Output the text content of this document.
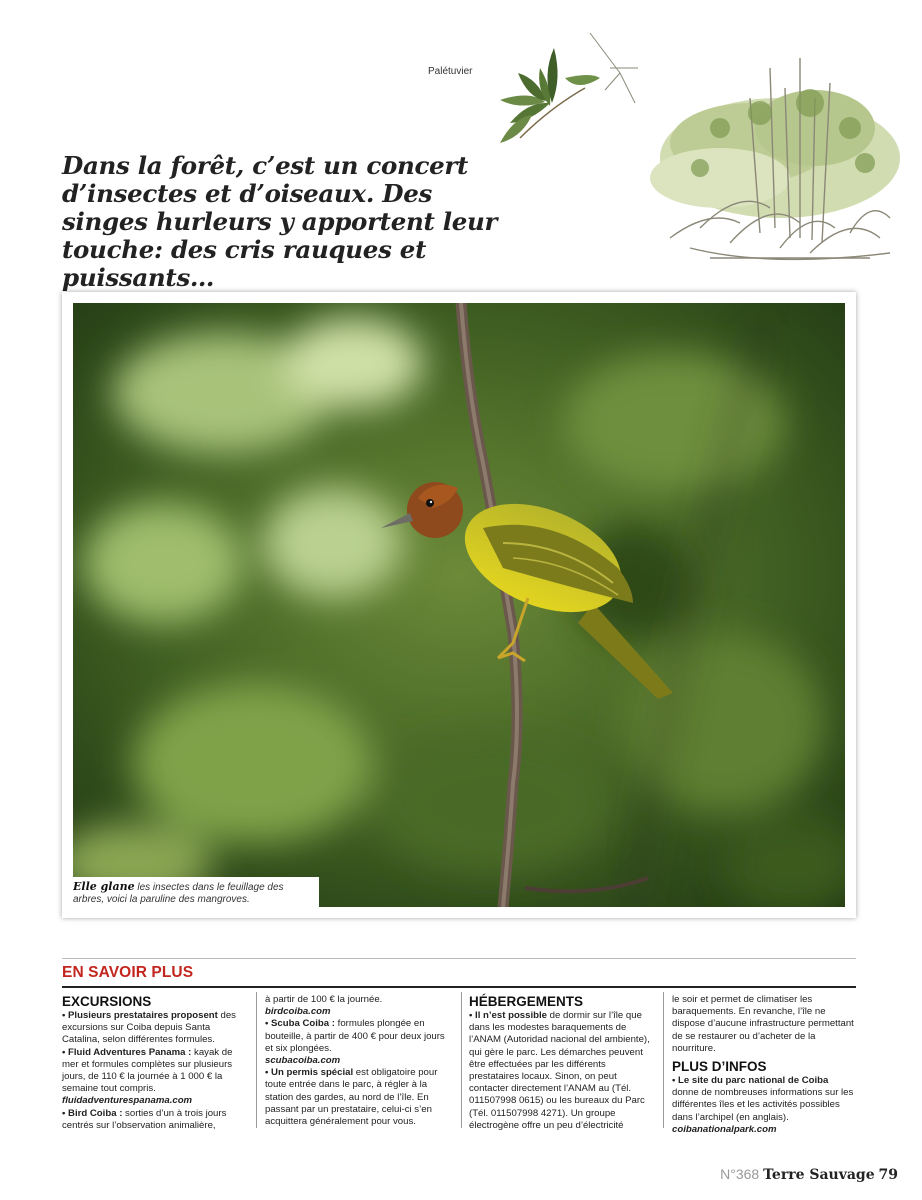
Palétuvier
Dans la forêt, c’est un concert d’insectes et d’oiseaux. Des singes hurleurs y apportent leur touche: des cris rauques et puissants…
Elle glane les insectes dans le feuillage des arbres, voici la paruline des mangroves.
EN SAVOIR PLUS
EXCURSIONS

• Plusieurs prestataires proposent des excursions sur Coiba depuis Santa Catalina, selon différentes formules.

• Fluid Adventures Panama : kayak de mer et formules complètes sur plusieurs jours, de 110 € la journée à 1 000 € la semaine tout compris.

fluidadventurespanama.com

• Bird Coiba : sorties d’un à trois jours centrés sur l’observation animalière,

à partir de 100 € la journée.

birdcoiba.com

• Scuba Coiba : formules plongée en bouteille, à partir de 400 € pour deux jours et six plongées.

scubacoiba.com

• Un permis spécial est obligatoire pour toute entrée dans le parc, à régler à la station des gardes, au nord de l’île. En passant par un prestataire, celui-ci s’en acquittera généralement pour vous.

HÉBERGEMENTS

• Il n’est possible de dormir sur l’île que dans les modestes baraquements de l’ANAM (Autoridad nacional del ambiente), qui gère le parc. Les démarches peuvent être effectuées par les différents prestataires locaux. Sinon, on peut contacter directement l’ANAM au (Tél. 011507998 0615) ou les bureaux du Parc (Tél. 011507998 4271). Un groupe électrogène offre un peu d’électricité

le soir et permet de climatiser les baraquements. En revanche, l’île ne dispose d’aucune infrastructure permettant de se restaurer ou d’acheter de la nourriture.

PLUS D’INFOS

• Le site du parc national de Coiba donne de nombreuses informations sur les différentes îles et les activités possibles dans l’archipel (en anglais).

coibanationalpark.com

N°368 Terre Sauvage 79
